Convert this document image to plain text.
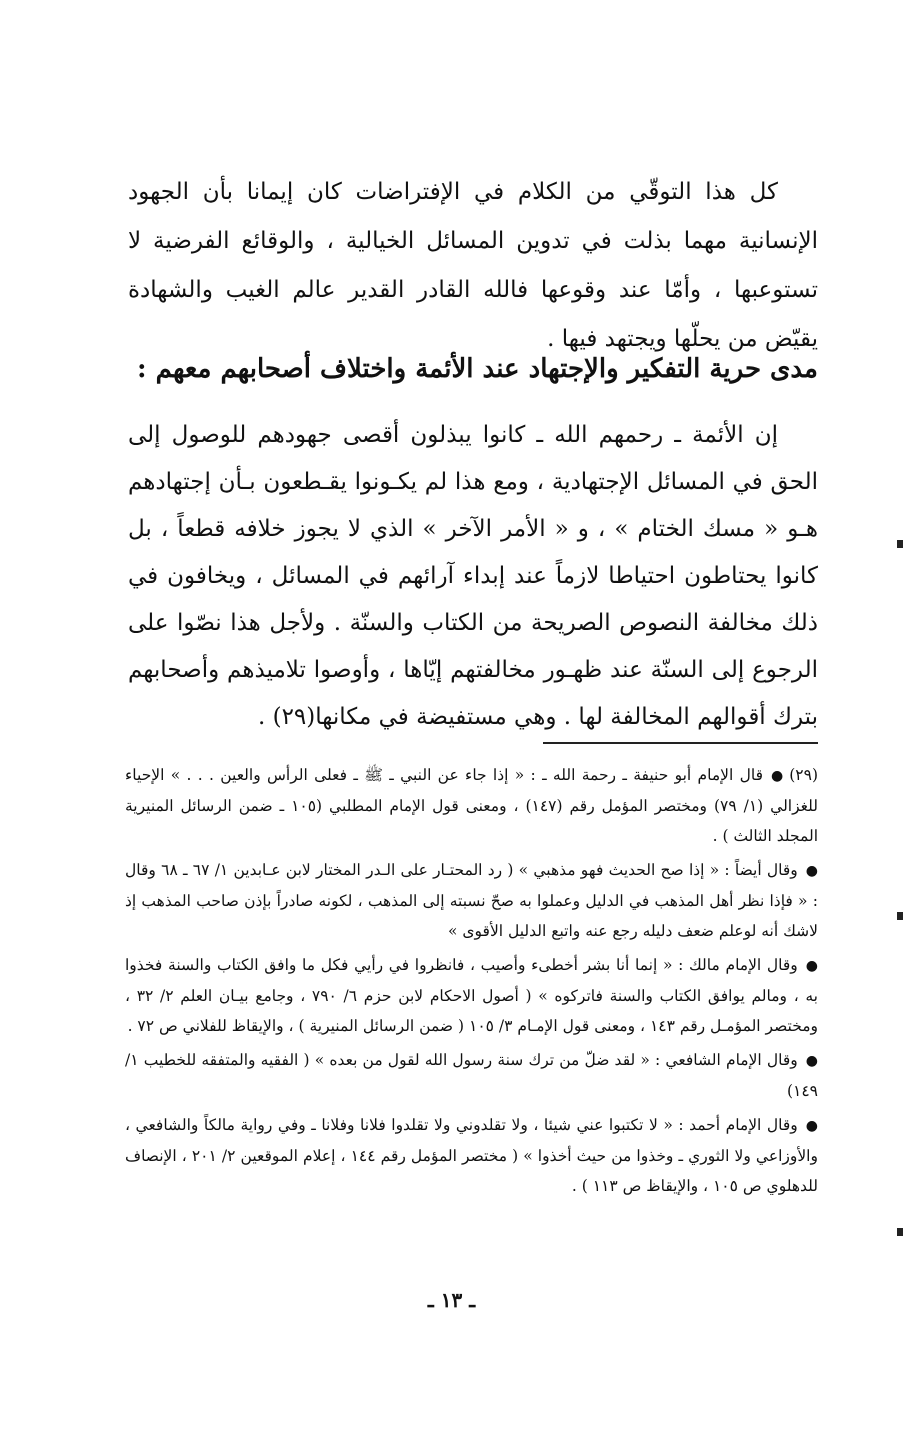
كل هذا التوقّي من الكلام في الإفتراضات كان إيمانا بأن الجهود الإنسانية مهما بذلت في تدوين المسائل الخيالية ، والوقائع الفرضية لا تستوعبها ، وأمّا عند وقوعها فالله القادر القدير عالم الغيب والشهادة يقيّض من يحلّها ويجتهد فيها .

مدى حرية التفكير والإجتهاد عند الأئمة واختلاف أصحابهم معهم :

إن الأئمة ـ رحمهم الله ـ كانوا يبذلون أقصى جهودهم للوصول إلى الحق في المسائل الإجتهادية ، ومع هذا لم يكـونوا يقـطعون بـأن إجتهادهم هـو « مسك الختام » ، و « الأمر الآخر » الذي لا يجوز خلافه قطعاً ، بل كانوا يحتاطون احتياطا لازماً عند إبداء آرائهم في المسائل ، ويخافون في ذلك مخالفة النصوص الصريحة من الكتاب والسنّة . ولأجل هذا نصّوا على الرجوع إلى السنّة عند ظهـور مخالفتهم إيّاها ، وأوصوا تلاميذهم وأصحابهم بترك أقوالهم المخالفة لها . وهي مستفيضة في مكانها(٢٩) .

(٢٩)●قال الإمام أبو حنيفة ـ رحمة الله ـ : « إذا جاء عن النبي ـ ﷺ ـ فعلى الرأس والعين . . . » الإحياء للغزالي (١/ ٧٩) ومختصر المؤمل رقم (١٤٧) ، ومعنى قول الإمام المطلبي (١٠٥ ـ ضمن الرسائل المنيرية المجلد الثالث ) .

●وقال أيضاً : « إذا صح الحديث فهو مذهبي » ( رد المحتـار على الـدر المختار لابن عـابدين ١/ ٦٧ ـ ٦٨ وقال : « فإذا نظر أهل المذهب في الدليل وعملوا به صحّ نسبته إلى المذهب ، لكونه صادراً بإذن صاحب المذهب إذ لاشك أنه لوعلم ضعف دليله رجع عنه واتبع الدليل الأقوى »

●وقال الإمام مالك : « إنما أنا بشر أخطىء وأصيب ، فانظروا في رأيي فكل ما وافق الكتاب والسنة فخذوا به ، ومالم يوافق الكتاب والسنة فاتركوه » ( أصول الاحكام لابن حزم ٦/ ٧٩٠ ، وجامع بيـان العلم ٢/ ٣٢ ، ومختصر المؤمـل رقم ١٤٣ ، ومعنى قول الإمـام ٣/ ١٠٥ ( ضمن الرسائل المنيرية ) ، والإيقاظ للفلاني ص ٧٢ .

●وقال الإمام الشافعي : « لقد ضلّ من ترك سنة رسول الله لقول من بعده » ( الفقيه والمتفقه للخطيب ١/ ١٤٩)

●وقال الإمام أحمد : « لا تكتبوا عني شيئا ، ولا تقلدوني ولا تقلدوا فلانا وفلانا ـ وفي رواية مالكاً والشافعي ، والأوزاعي ولا الثوري ـ وخذوا من حيث أخذوا » ( مختصر المؤمل رقم ١٤٤ ، إعلام الموقعين ٢/ ٢٠١ ، الإنصاف للدهلوي ص ١٠٥ ، والإيقاظ ص ١١٣ ) .

ـ ١٣ ـ
